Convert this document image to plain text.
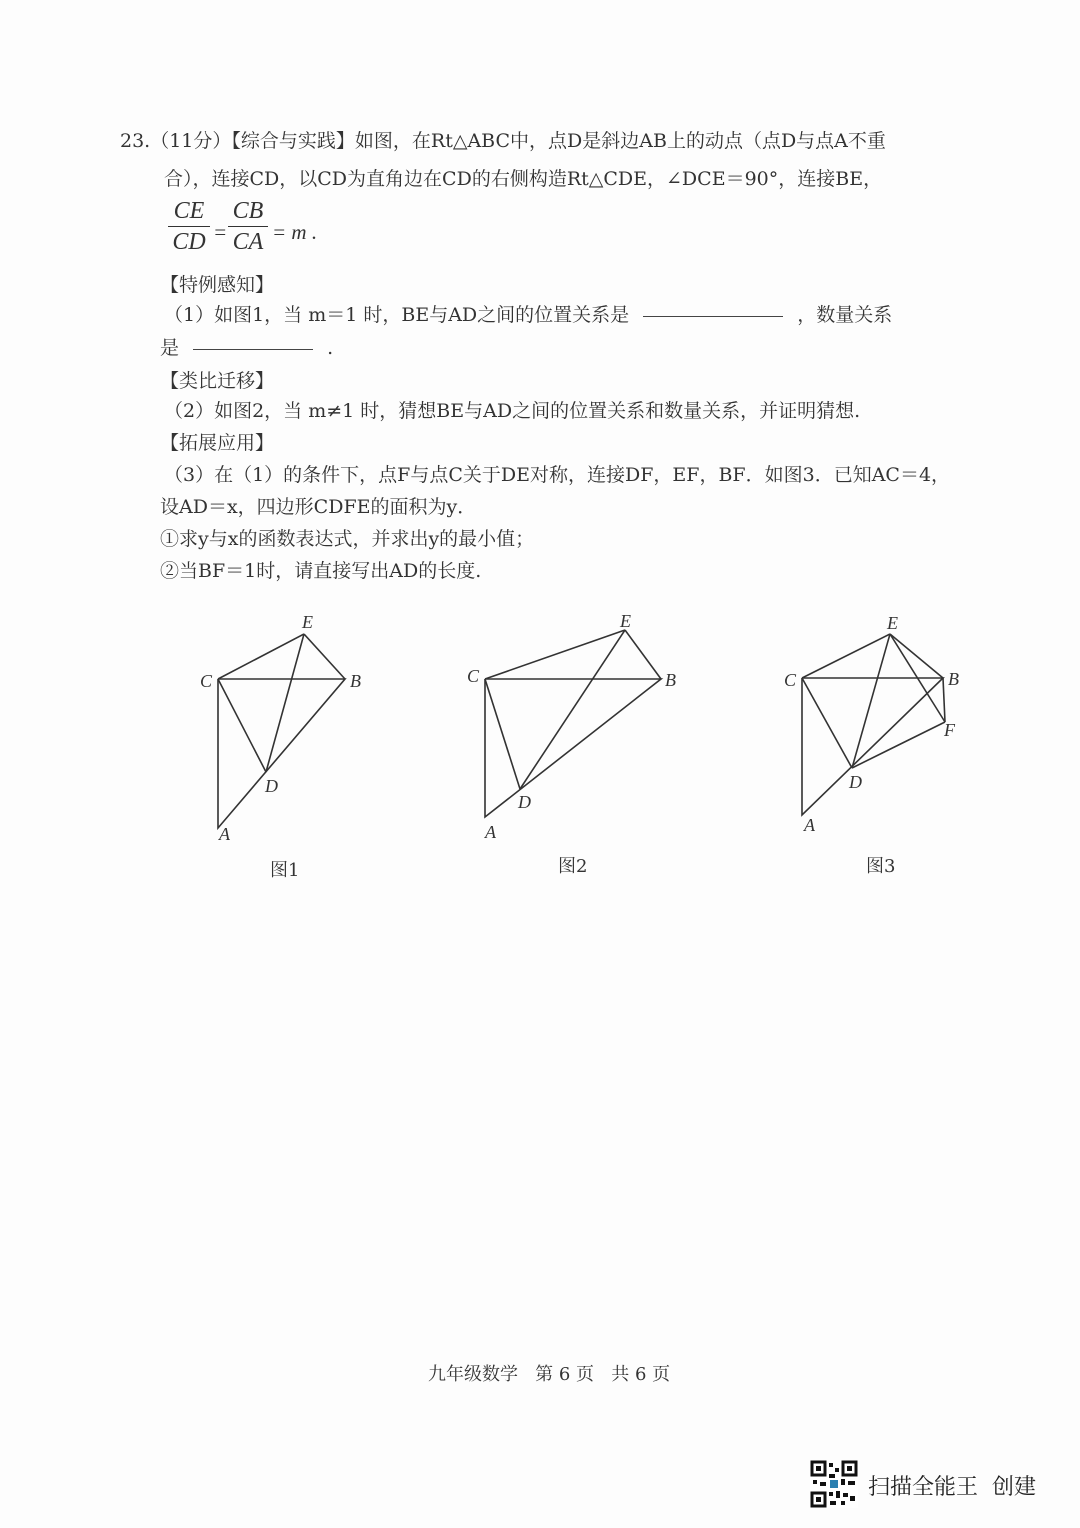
23.（11分）【综合与实践】如图，在Rt△ABC中，点D是斜边AB上的动点（点D与点A不重
合），连接CD，以CD为直角边在CD的右侧构造Rt△CDE，∠DCE＝90°，连接BE，
CE
CD =
CB
CA = m .
【特例感知】
（1）如图1，当 m＝1 时，BE与AD之间的位置关系是	，数量关系
是	.
【类比迁移】
（2）如图2，当 m≠1 时，猜想BE与AD之间的位置关系和数量关系，并证明猜想.
【拓展应用】
（3）在（1）的条件下，点F与点C关于DE对称，连接DF，EF，BF．如图3．已知AC＝4，
设AD＝x，四边形CDFE的面积为y．
①求y与x的函数表达式，并求出y的最小值；
②当BF＝1时，请直接写出AD的长度.
C
E
B
D
A
C
E
B
D
A
C
E
B
F
D
A
图1	图2	图3
九年级数学   第 6 页   共 6 页
扫描全能王  创建
